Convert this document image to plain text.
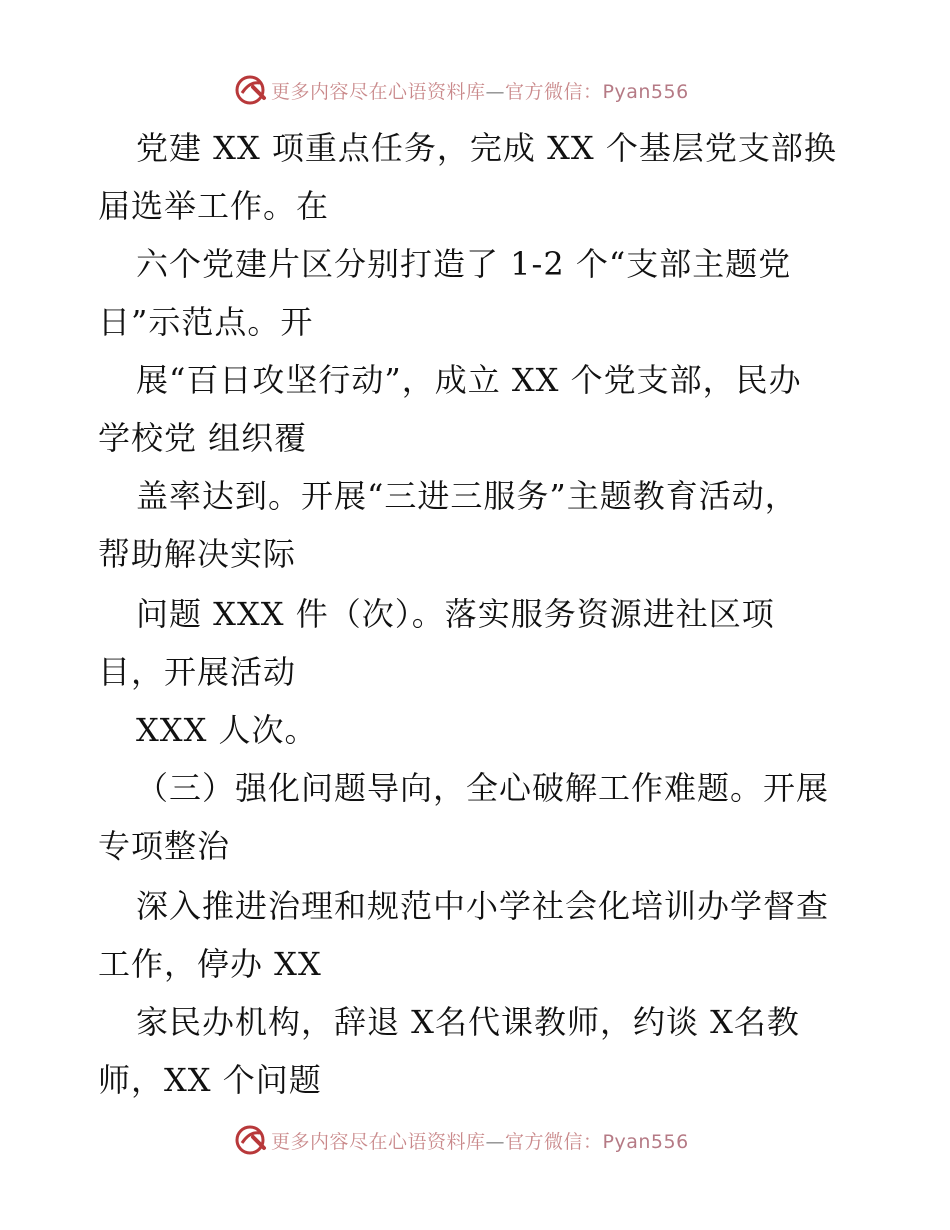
更多内容尽在心语资料库—官方微信：Pyan556
党建 XX 项重点任务，完成 XX 个基层党支部换
届选举工作。在
六个党建片区分别打造了 1-2 个“支部主题党
日”示范点。开
展“百日攻坚行动”，成立 XX 个党支部，民办
学校党 组织覆
盖率达到。开展“三进三服务”主题教育活动，
帮助解决实际
问题 XXX 件（次）。落实服务资源进社区项
目，开展活动
XXX 人次。
（三）强化问题导向，全心破解工作难题。开展
专项整治
深入推进治理和规范中小学社会化培训办学督查
工作，停办 XX
家民办机构，辞退 X名代课教师，约谈 X名教
师，XX 个问题
更多内容尽在心语资料库—官方微信：Pyan556
